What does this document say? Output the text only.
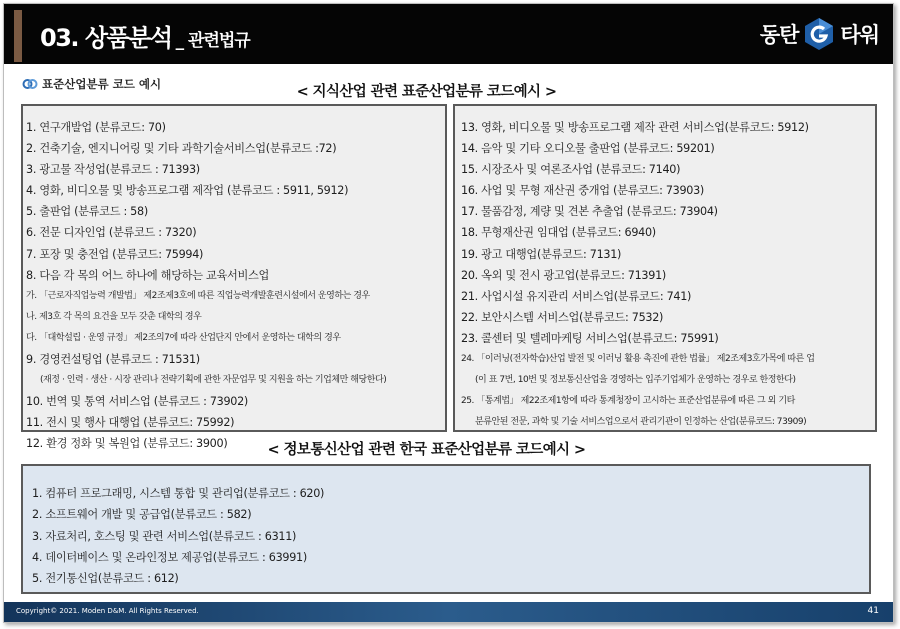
03. 상품분석 _ 관련법규	동탄 타워
표준산업분류 코드 예시	< 지식산업 관련 표준산업분류 코드예시 >
1. 연구개발업 (분류코드: 70)
2. 건축기술, 엔지니어링 및 기타 과학기술서비스업(분류코드 :72)
3. 광고물 작성업(분류코드 : 71393)
4. 영화, 비디오물 및 방송프로그램 제작업 (분류코드 : 5911, 5912)
5. 출판업 (분류코드 : 58)
6. 전문 디자인업 (분류코드 : 7320)
7. 포장 및 충전업 (분류코드: 75994)
8. 다음 각 목의 어느 하나에 해당하는 교육서비스업
가. 「근로자직업능력 개발법」 제2조제3호에 따른 직업능력개발훈련시설에서 운영하는 경우
나. 제3호 각 목의 요건을 모두 갖춘 대학의 경우
다. 「대학설립 · 운영 규정」 제2조의7에 따라 산업단지 안에서 운영하는 대학의 경우
9. 경영컨설팅업 (분류코드 : 71531)
(재정 · 인력 · 생산 · 시장 관리나 전략기획에 관한 자문업무 및 지원을 하는 기업체만 해당한다)
10. 번역 및 통역 서비스업 (분류코드 : 73902)
11. 전시 및 행사 대행업 (분류코드: 75992)
12. 환경 정화 및 복원업 (분류코드: 3900)
13. 영화, 비디오물 및 방송프로그램 제작 관련 서비스업(분류코드: 5912)
14. 음악 및 기타 오디오물 출판업 (분류코드: 59201)
15. 시장조사 및 여론조사업 (분류코드: 7140)
16. 사업 및 무형 재산권 중개업 (분류코드: 73903)
17. 물품감정, 계량 및 견본 추출업 (분류코드: 73904)
18. 무형재산권 임대업 (분류코드: 6940)
19. 광고 대행업(분류코드: 7131)
20. 옥외 및 전시 광고업(분류코드: 71391)
21. 사업시설 유지관리 서비스업(분류코드: 741)
22. 보안시스템 서비스업(분류코드: 7532)
23. 콜센터 및 텔레마케팅 서비스업(분류코드: 75991)
24. 「이러닝(전자학습)산업 발전 및 이러닝 활용 촉진에 관한 법률」 제2조제3호가목에 따른 업
(이 표 7번, 10번 및 정보통신산업을 경영하는 입주기업체가 운영하는 경우로 한정한다)
25. 「통계법」 제22조제1항에 따라 통계청장이 고시하는 표준산업분류에 따른 그 외 기타
분류안된 전문, 과학 및 기술 서비스업으로서 관리기관이 인정하는 산업(분류코드: 73909)
< 정보통신산업 관련 한국 표준산업분류 코드예시 >
1. 컴퓨터 프로그래밍, 시스템 통합 및 관리업(분류코드 : 620)
2. 소프트웨어 개발 및 공급업(분류코드 : 582)
3. 자료처리, 호스팅 및 관련 서비스업(분류코드 : 6311)
4. 데이터베이스 및 온라인정보 제공업(분류코드 : 63991)
5. 전기통신업(분류코드 : 612)
Copyright© 2021. Moden D&M. All Rights Reserved.	41
